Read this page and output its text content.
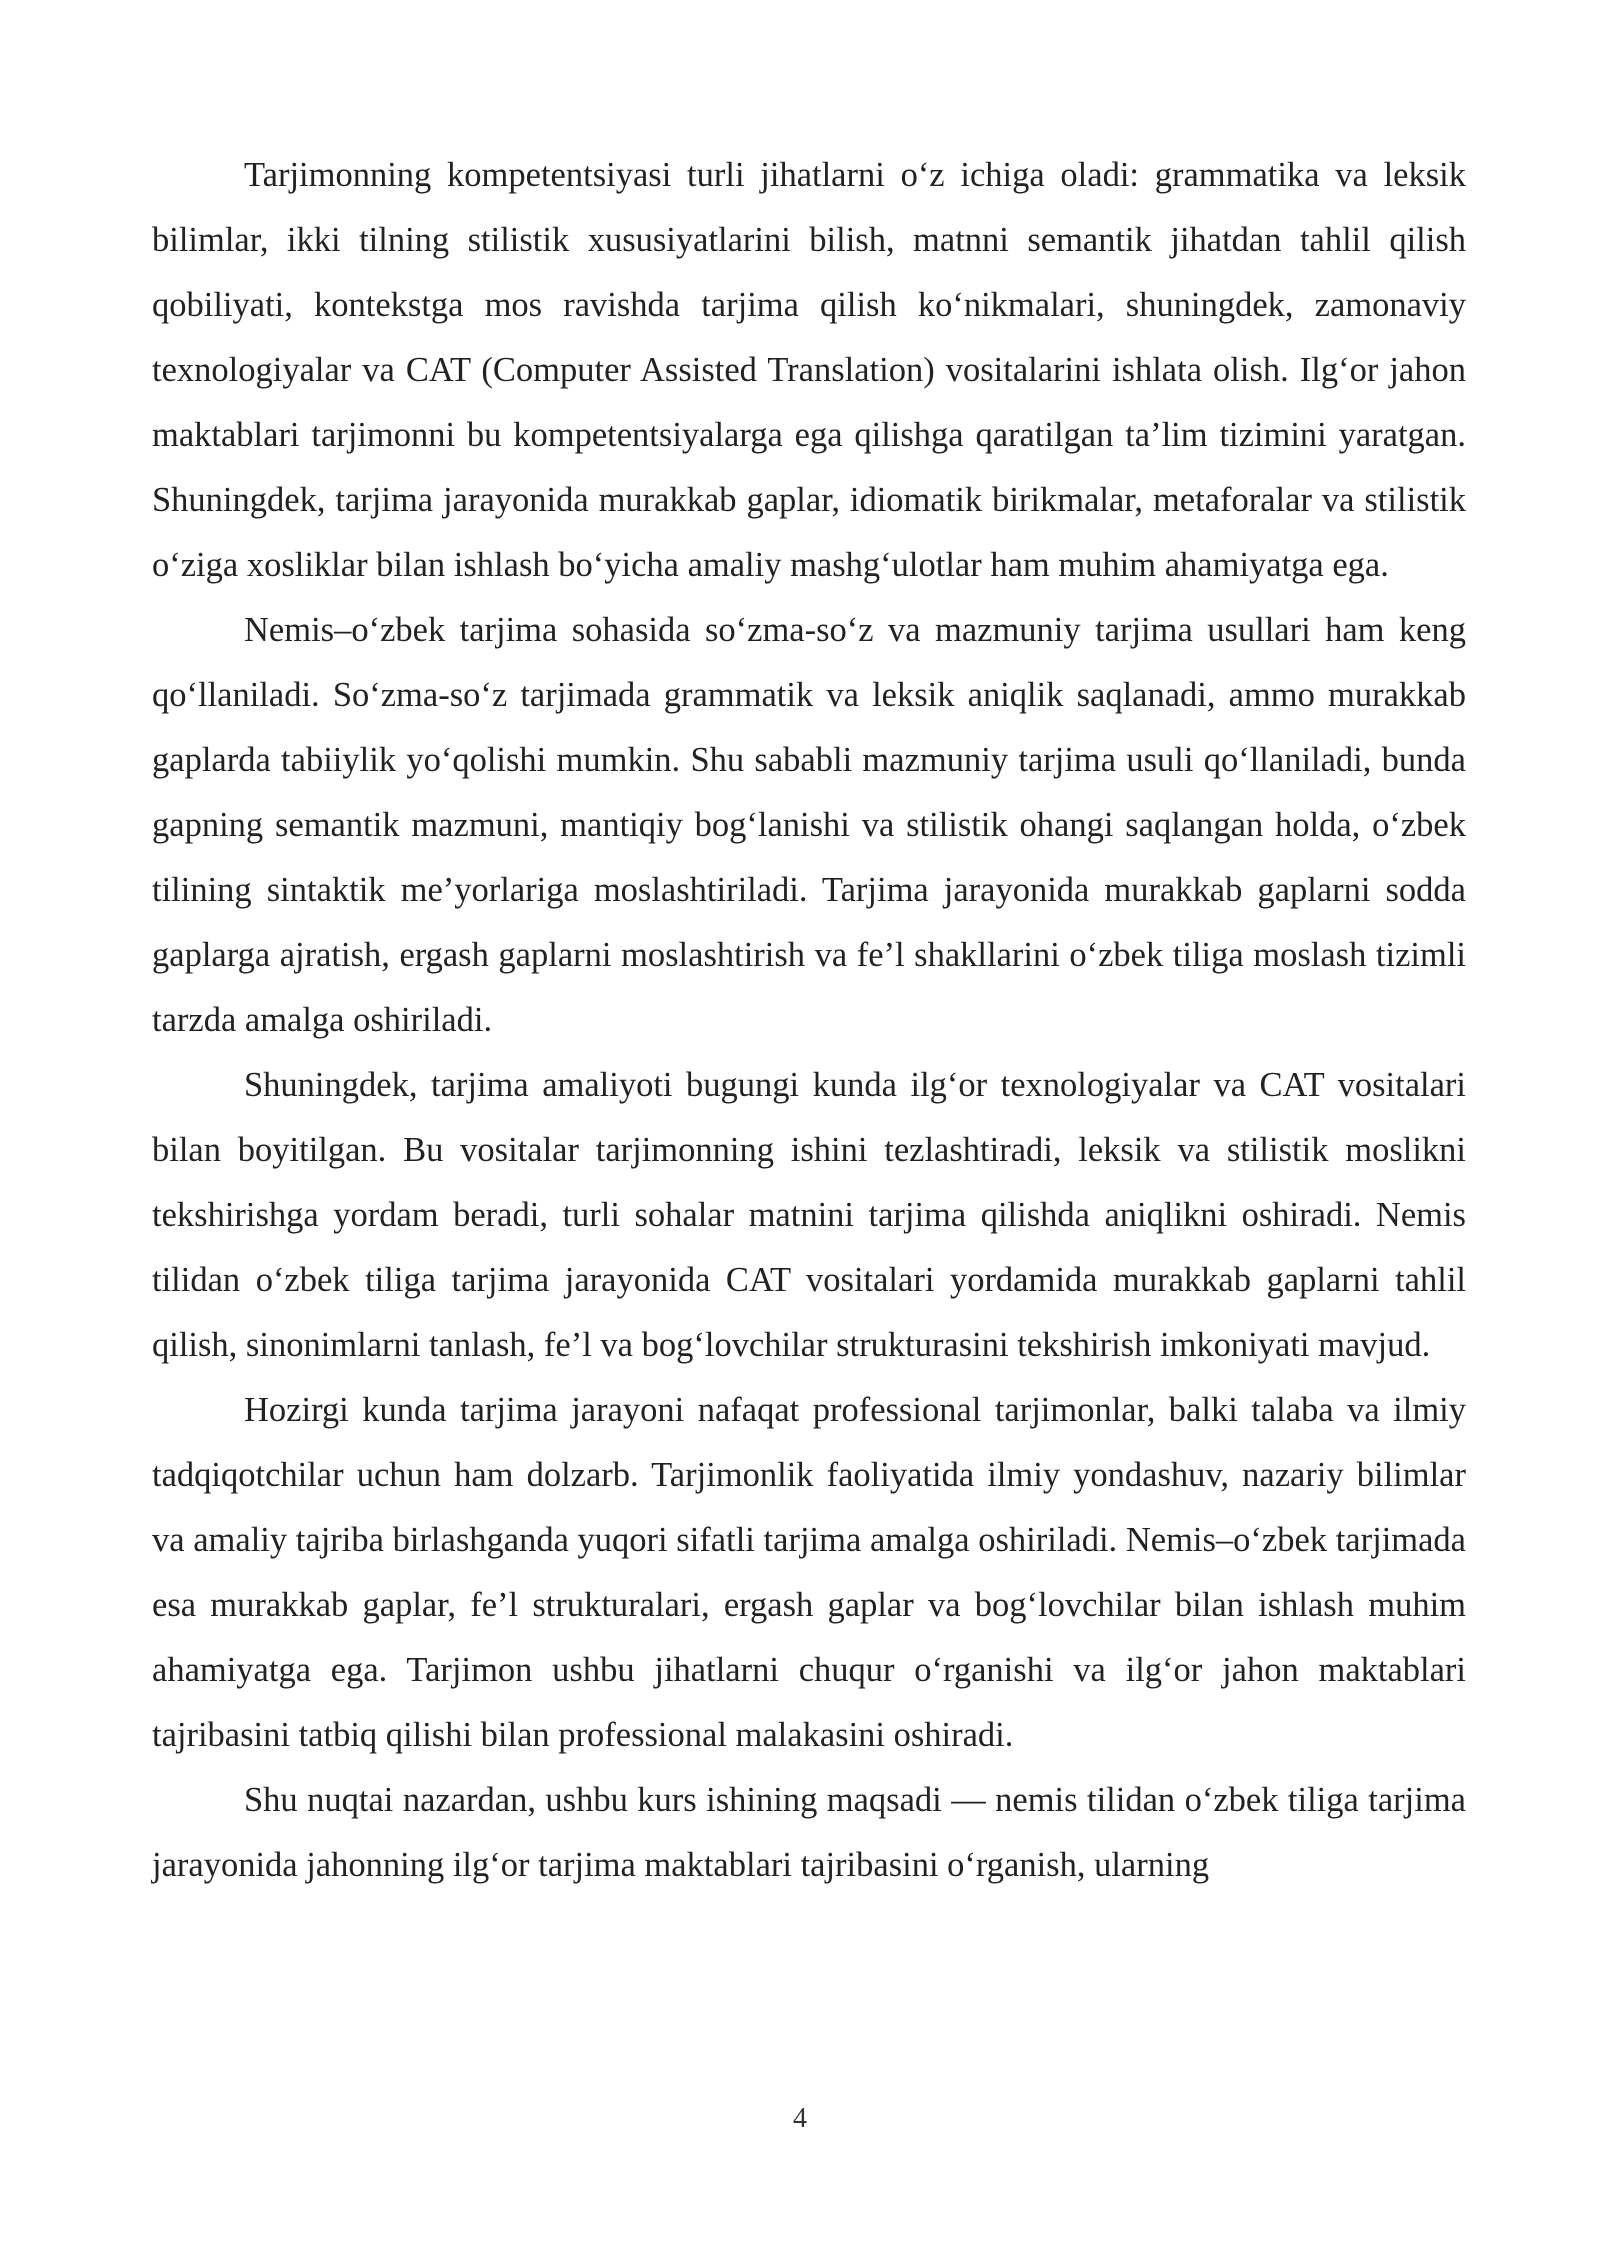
Tarjimonning kompetentsiyasi turli jihatlarni o‘z ichiga oladi: grammatika va leksik bilimlar, ikki tilning stilistik xususiyatlarini bilish, matnni semantik jihatdan tahlil qilish qobiliyati, kontekstga mos ravishda tarjima qilish ko‘nikmalari, shuningdek, zamonaviy texnologiyalar va CAT (Computer Assisted Translation) vositalarini ishlata olish. Ilg‘or jahon maktablari tarjimonni bu kompetentsiyalarga ega qilishga qaratilgan ta’lim tizimini yaratgan. Shuningdek, tarjima jarayonida murakkab gaplar, idiomatik birikmalar, metaforalar va stilistik o‘ziga xosliklar bilan ishlash bo‘yicha amaliy mashg‘ulotlar ham muhim ahamiyatga ega.

Nemis–o‘zbek tarjima sohasida so‘zma-so‘z va mazmuniy tarjima usullari ham keng qo‘llaniladi. So‘zma-so‘z tarjimada grammatik va leksik aniqlik saqlanadi, ammo murakkab gaplarda tabiiylik yo‘qolishi mumkin. Shu sababli mazmuniy tarjima usuli qo‘llaniladi, bunda gapning semantik mazmuni, mantiqiy bog‘lanishi va stilistik ohangi saqlangan holda, o‘zbek tilining sintaktik me’yorlariga moslashtiriladi. Tarjima jarayonida murakkab gaplarni sodda gaplarga ajratish, ergash gaplarni moslashtirish va fe’l shakllarini o‘zbek tiliga moslash tizimli tarzda amalga oshiriladi.

Shuningdek, tarjima amaliyoti bugungi kunda ilg‘or texnologiyalar va CAT vositalari bilan boyitilgan. Bu vositalar tarjimonning ishini tezlashtiradi, leksik va stilistik moslikni tekshirishga yordam beradi, turli sohalar matnini tarjima qilishda aniqlikni oshiradi. Nemis tilidan o‘zbek tiliga tarjima jarayonida CAT vositalari yordamida murakkab gaplarni tahlil qilish, sinonimlarni tanlash, fe’l va bog‘lovchilar strukturasini tekshirish imkoniyati mavjud.

Hozirgi kunda tarjima jarayoni nafaqat professional tarjimonlar, balki talaba va ilmiy tadqiqotchilar uchun ham dolzarb. Tarjimonlik faoliyatida ilmiy yondashuv, nazariy bilimlar va amaliy tajriba birlashganda yuqori sifatli tarjima amalga oshiriladi. Nemis–o‘zbek tarjimada esa murakkab gaplar, fe’l strukturalari, ergash gaplar va bog‘lovchilar bilan ishlash muhim ahamiyatga ega. Tarjimon ushbu jihatlarni chuqur o‘rganishi va ilg‘or jahon maktablari tajribasini tatbiq qilishi bilan professional malakasini oshiradi.

Shu nuqtai nazardan, ushbu kurs ishining maqsadi — nemis tilidan o‘zbek tiliga tarjima jarayonida jahonning ilg‘or tarjima maktablari tajribasini o‘rganish, ularning

4
